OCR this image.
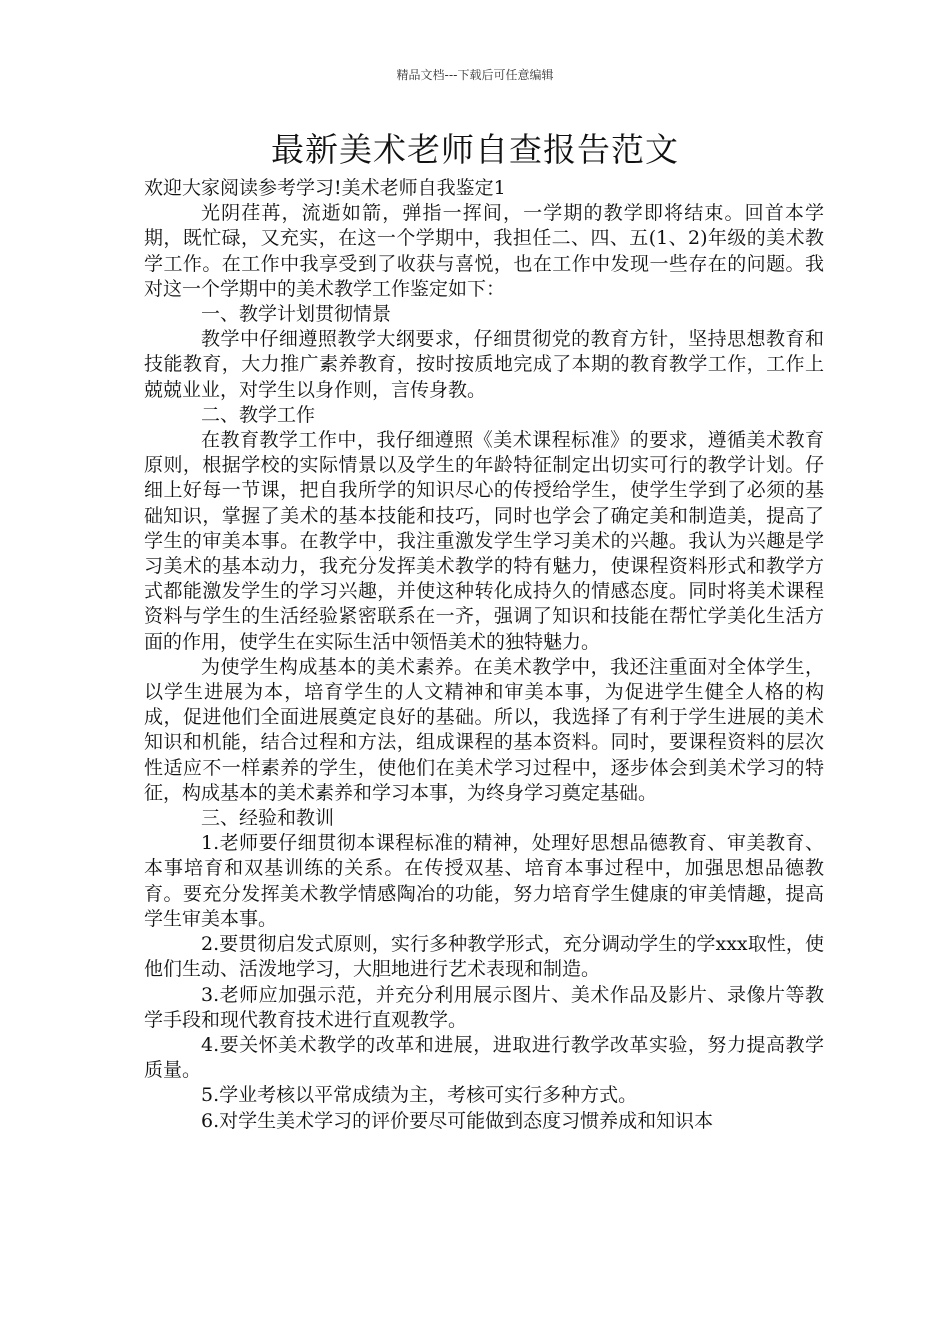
精品文档---下载后可任意编辑
最新美术老师自查报告范文

欢迎大家阅读参考学习!美术老师自我鉴定1

光阴荏苒，流逝如箭，弹指一挥间，一学期的教学即将结束。回首本学期，既忙碌，又充实，在这一个学期中，我担任二、四、五(1、2)年级的美术教学工作。在工作中我享受到了收获与喜悦，也在工作中发现一些存在的问题。我对这一个学期中的美术教学工作鉴定如下：

一、教学计划贯彻情景

教学中仔细遵照教学大纲要求，仔细贯彻党的教育方针，坚持思想教育和技能教育，大力推广素养教育，按时按质地完成了本期的教育教学工作，工作上兢兢业业，对学生以身作则，言传身教。

二、教学工作

在教育教学工作中，我仔细遵照《美术课程标准》的要求，遵循美术教育原则，根据学校的实际情景以及学生的年龄特征制定出切实可行的教学计划。仔细上好每一节课，把自我所学的知识尽心的传授给学生，使学生学到了必须的基础知识，掌握了美术的基本技能和技巧，同时也学会了确定美和制造美，提高了学生的审美本事。在教学中，我注重激发学生学习美术的兴趣。我认为兴趣是学习美术的基本动力，我充分发挥美术教学的特有魅力，使课程资料形式和教学方式都能激发学生的学习兴趣，并使这种转化成持久的情感态度。同时将美术课程资料与学生的生活经验紧密联系在一齐，强调了知识和技能在帮忙学美化生活方面的作用，使学生在实际生活中领悟美术的独特魅力。

为使学生构成基本的美术素养。在美术教学中，我还注重面对全体学生，以学生进展为本，培育学生的人文精神和审美本事，为促进学生健全人格的构成，促进他们全面进展奠定良好的基础。所以，我选择了有利于学生进展的美术知识和机能，结合过程和方法，组成课程的基本资料。同时，要课程资料的层次性适应不一样素养的学生，使他们在美术学习过程中，逐步体会到美术学习的特征，构成基本的美术素养和学习本事，为终身学习奠定基础。

三、经验和教训

1.老师要仔细贯彻本课程标准的精神，处理好思想品德教育、审美教育、本事培育和双基训练的关系。在传授双基、培育本事过程中，加强思想品德教育。要充分发挥美术教学情感陶冶的功能，努力培育学生健康的审美情趣，提高学生审美本事。

2.要贯彻启发式原则，实行多种教学形式，充分调动学生的学xxx取性，使他们生动、活泼地学习，大胆地进行艺术表现和制造。

3.老师应加强示范，并充分利用展示图片、美术作品及影片、录像片等教学手段和现代教育技术进行直观教学。

4.要关怀美术教学的改革和进展，进取进行教学改革实验，努力提高教学质量。

5.学业考核以平常成绩为主，考核可实行多种方式。

6.对学生美术学习的评价要尽可能做到态度习惯养成和知识本
